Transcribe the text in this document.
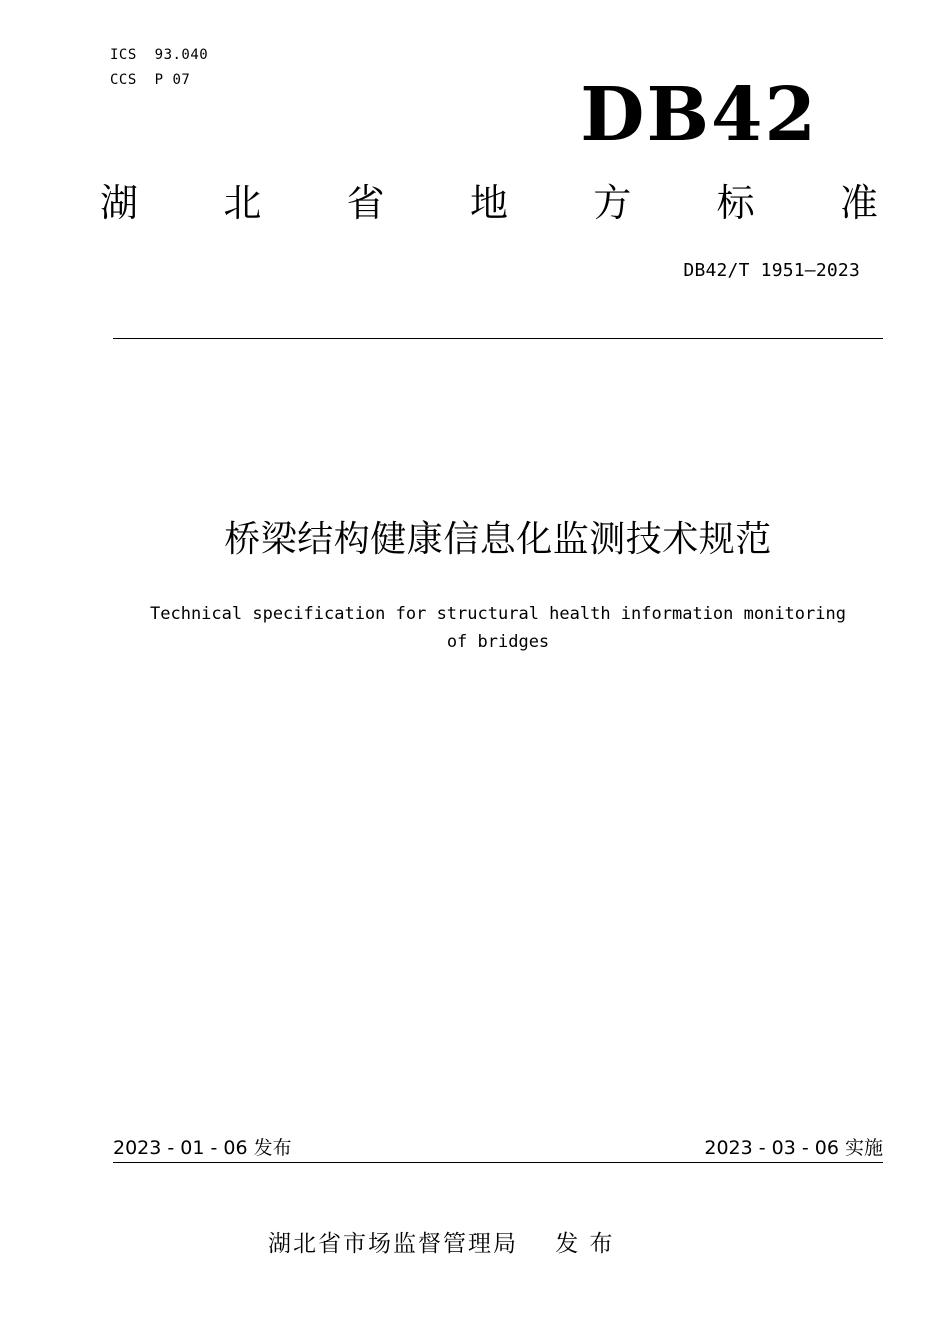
ICS  93.040
CCS  P 07	DB42
湖 北 省 地 方 标 准
DB42/T 1951—2023
桥梁结构健康信息化监测技术规范
Technical specification for structural health information monitoring
of bridges
2023 - 01 - 06 发布	2023 - 03 - 06 实施
湖北省市场监督管理局    发 布
